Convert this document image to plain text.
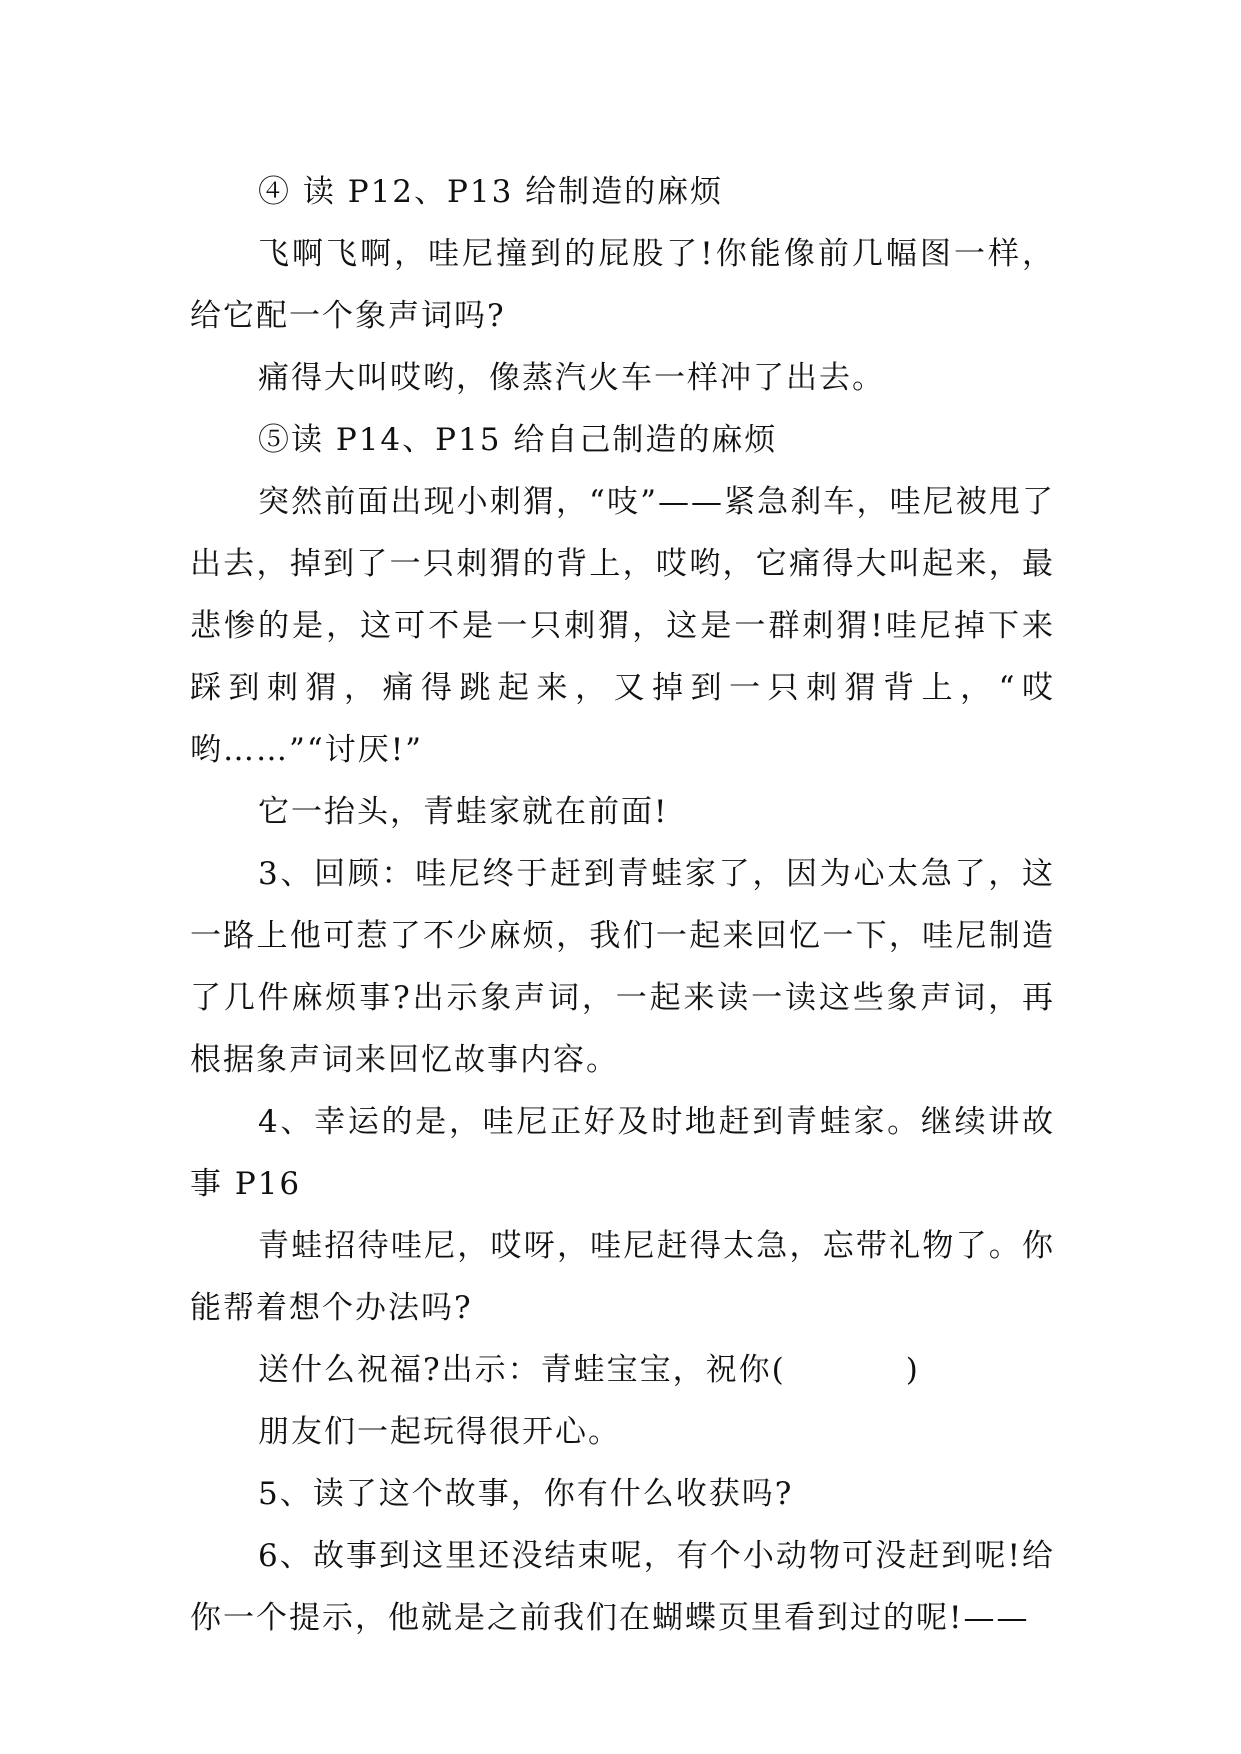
④ 读 P12、P13 给制造的麻烦

飞啊飞啊，哇尼撞到的屁股了!你能像前几幅图一样，给它配一个象声词吗?

痛得大叫哎哟，像蒸汽火车一样冲了出去。

⑤读 P14、P15 给自己制造的麻烦

突然前面出现小刺猬，“吱”——紧急刹车，哇尼被甩了出去，掉到了一只刺猬的背上，哎哟，它痛得大叫起来，最悲惨的是，这可不是一只刺猬，这是一群刺猬!哇尼掉下来踩到刺猬，痛得跳起来，又掉到一只刺猬背上，“哎哟……”“讨厌!”

它一抬头，青蛙家就在前面!

3、回顾：哇尼终于赶到青蛙家了，因为心太急了，这一路上他可惹了不少麻烦，我们一起来回忆一下，哇尼制造了几件麻烦事?出示象声词，一起来读一读这些象声词，再根据象声词来回忆故事内容。

4、幸运的是，哇尼正好及时地赶到青蛙家。继续讲故事 P16

青蛙招待哇尼，哎呀，哇尼赶得太急，忘带礼物了。你能帮着想个办法吗?

送什么祝福?出示：青蛙宝宝，祝你(	)

朋友们一起玩得很开心。

5、读了这个故事，你有什么收获吗?

6、故事到这里还没结束呢，有个小动物可没赶到呢!给你一个提示，他就是之前我们在蝴蝶页里看到过的呢!——
